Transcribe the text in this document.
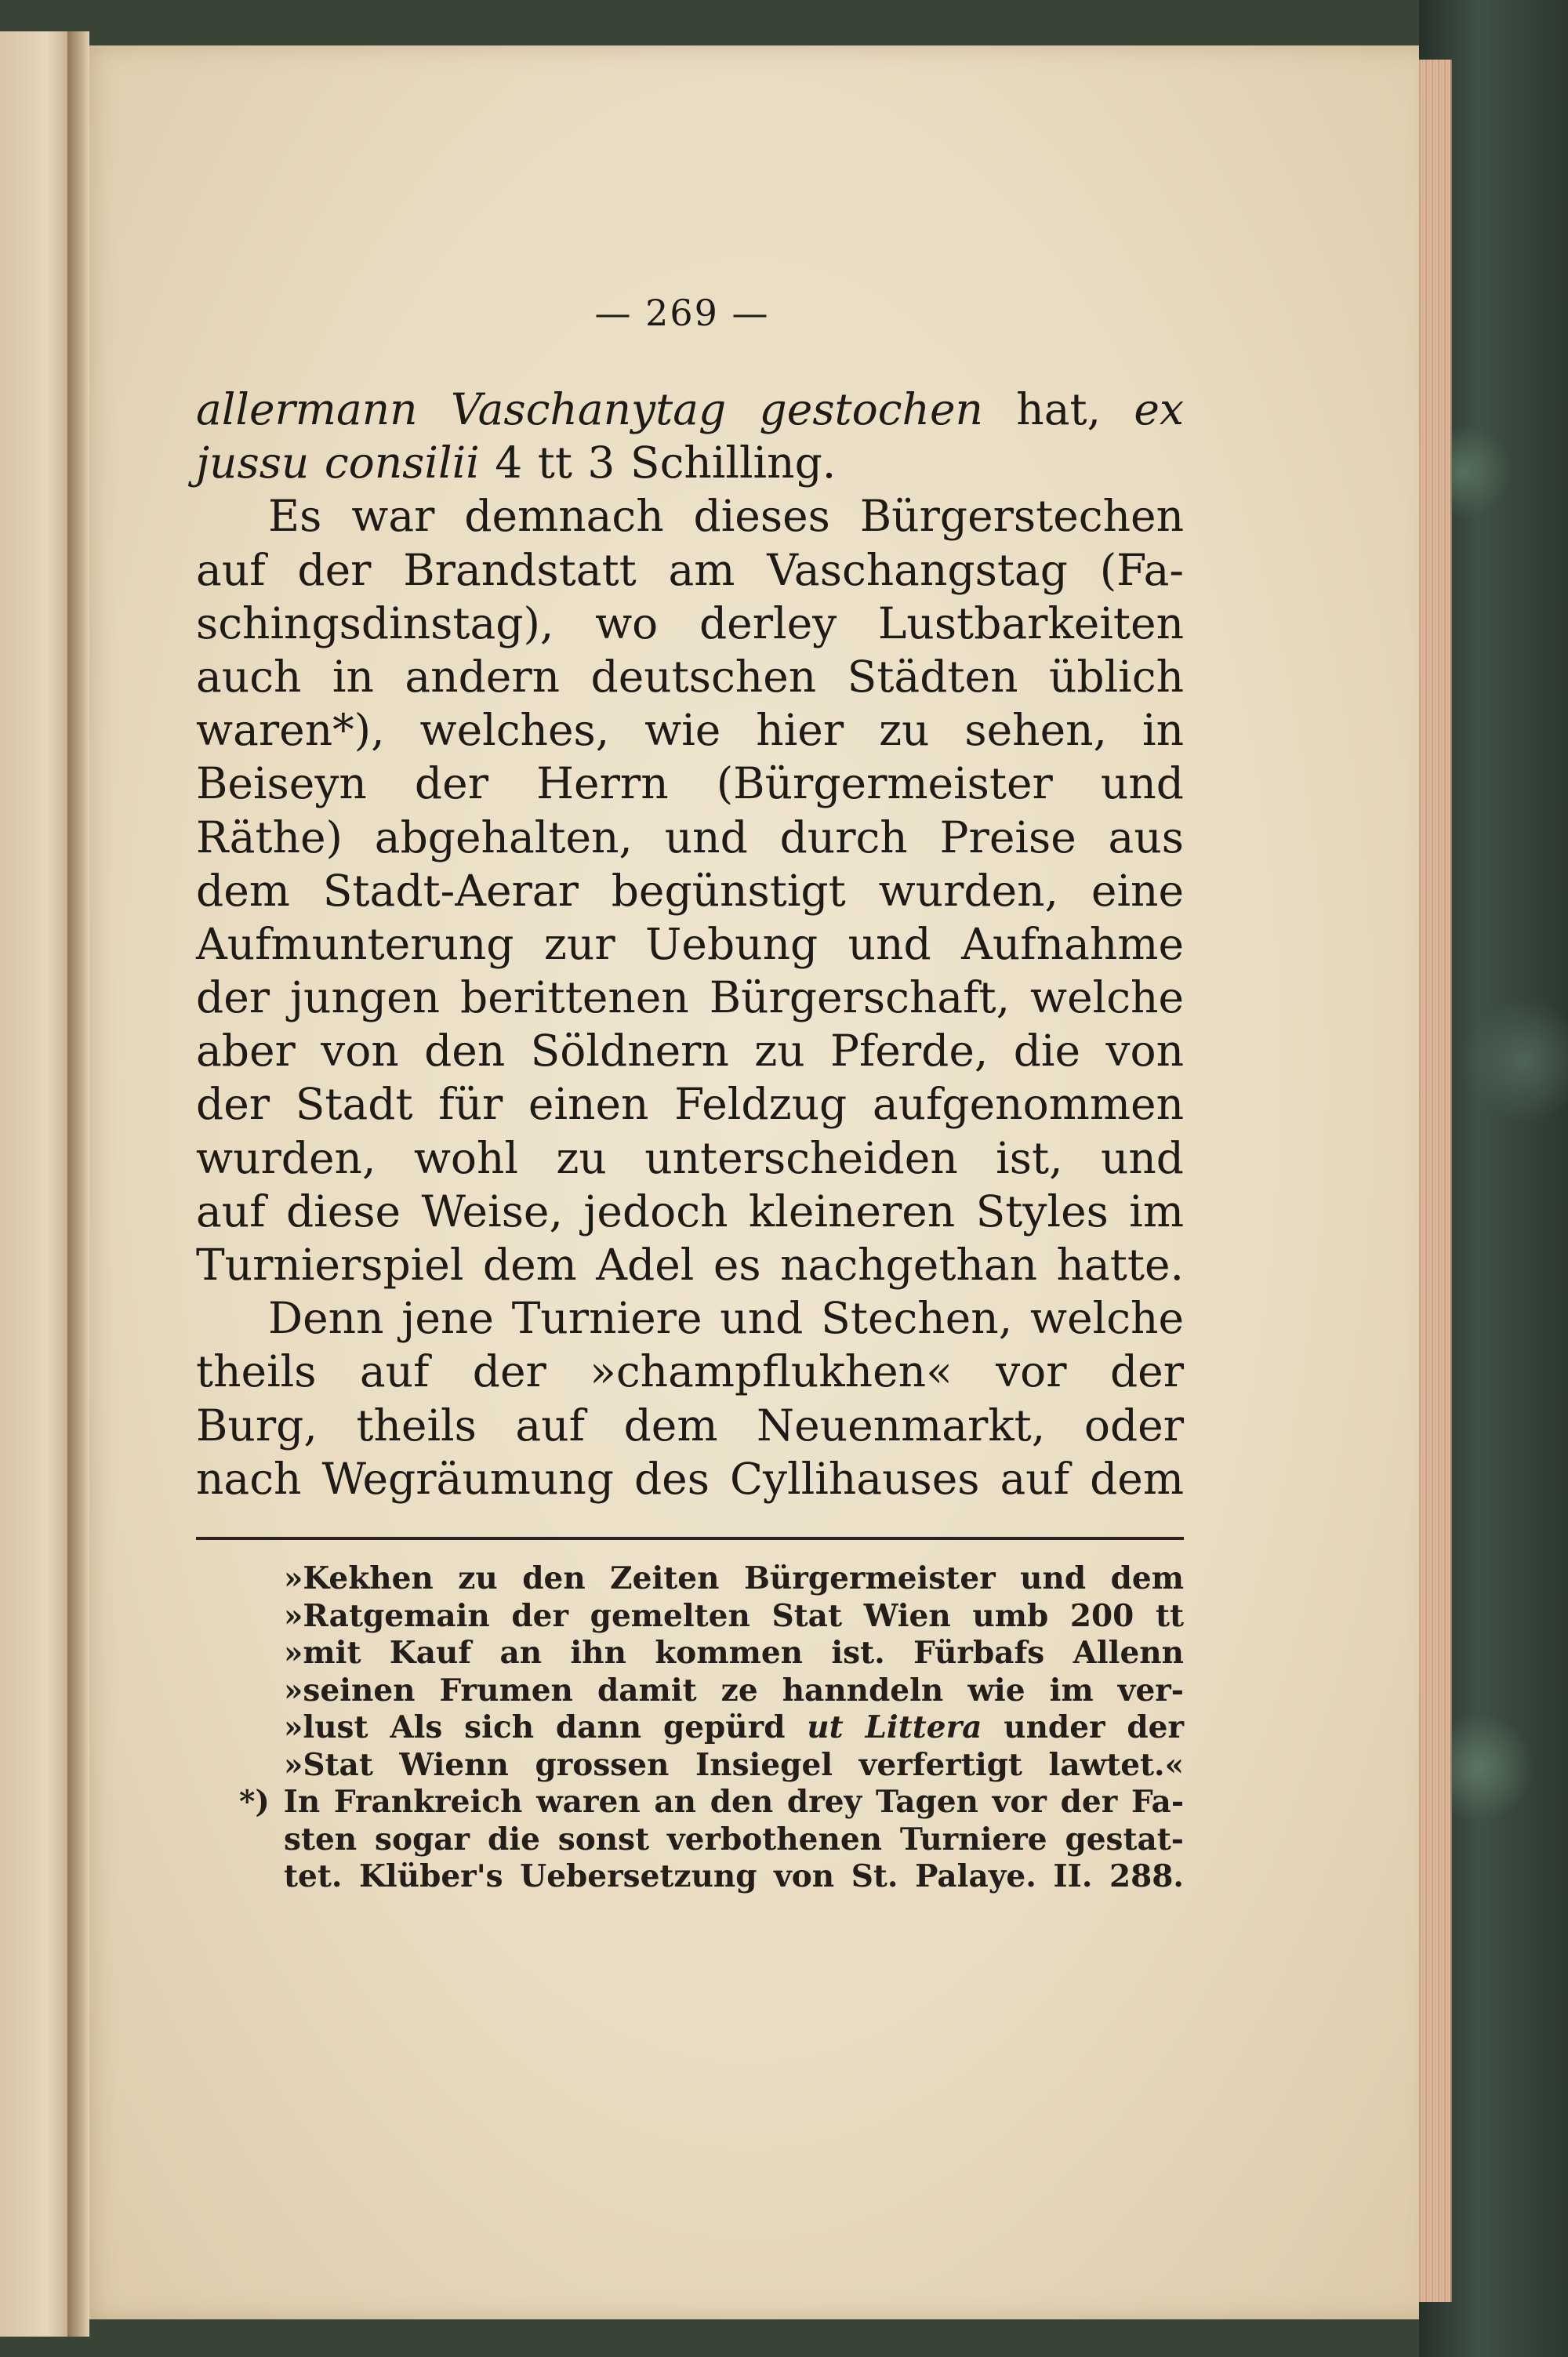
— 269 —
allermann Vaschanytag gestochen hat, ex
jussu consilii 4 tt 3 Schilling.
Es war demnach dieses Bürgerstechen
auf der Brandstatt am Vaschangstag (Fa-
schingsdinstag), wo derley Lustbarkeiten
auch in andern deutschen Städten üblich
waren*), welches, wie hier zu sehen, in
Beiseyn der Herrn (Bürgermeister und
Räthe) abgehalten, und durch Preise aus
dem Stadt-Aerar begünstigt wurden, eine
Aufmunterung zur Uebung und Aufnahme
der jungen berittenen Bürgerschaft, welche
aber von den Söldnern zu Pferde, die von
der Stadt für einen Feldzug aufgenommen
wurden, wohl zu unterscheiden ist, und
auf diese Weise, jedoch kleineren Styles im
Turnierspiel dem Adel es nachgethan hatte.
Denn jene Turniere und Stechen, welche
theils auf der »champflukhen« vor der
Burg, theils auf dem Neuenmarkt, oder
nach Wegräumung des Cyllihauses auf dem
»Kekhen zu den Zeiten Bürgermeister und dem
»Ratgemain der gemelten Stat Wien umb 200 tt
»mit Kauf an ihn kommen ist. Fürbafs Allenn
»seinen Frumen damit ze hanndeln wie im ver-
»lust Als sich dann gepürd ut Littera under der
»Stat Wienn grossen Insiegel verfertigt lawtet.«
*) In Frankreich waren an den drey Tagen vor der Fa-
sten sogar die sonst verbothenen Turniere gestat-
tet. Klüber's Uebersetzung von St. Palaye. II. 288.
